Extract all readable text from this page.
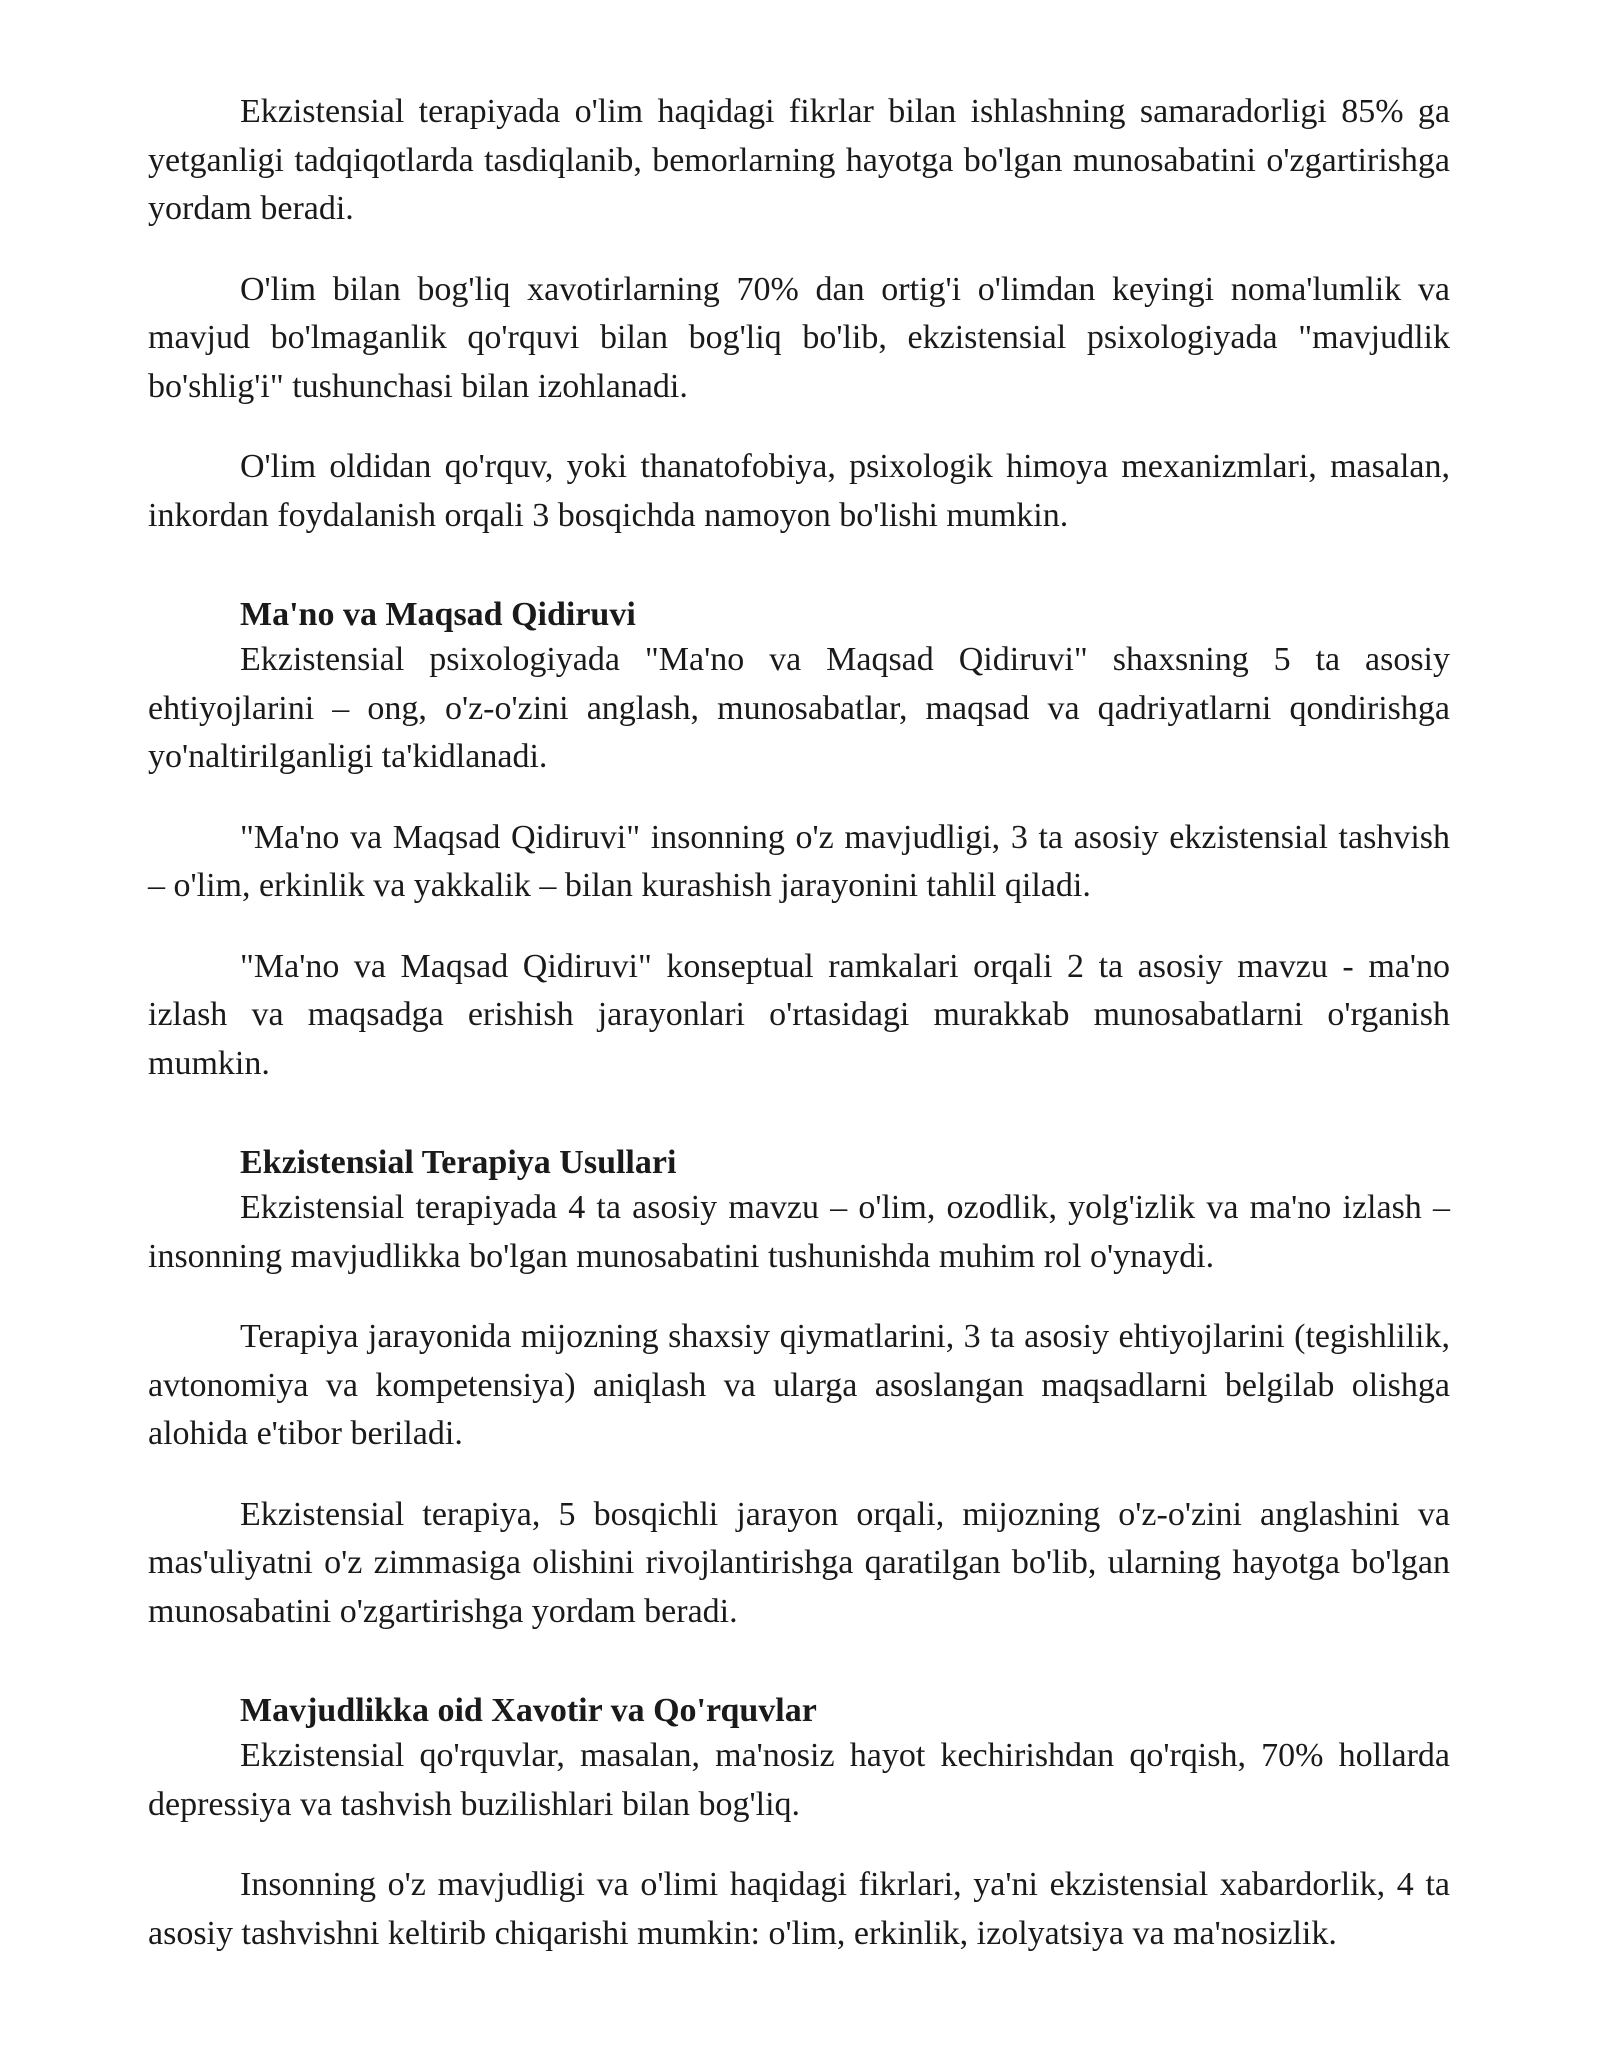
Ekzistensial terapiyada o'lim haqidagi fikrlar bilan ishlashning samaradorligi 85% ga yetganligi tadqiqotlarda tasdiqlanib, bemorlarning hayotga bo'lgan munosabatini o'zgartirishga yordam beradi.

O'lim bilan bog'liq xavotirlarning 70% dan ortig'i o'limdan keyingi noma'lumlik va mavjud bo'lmaganlik qo'rquvi bilan bog'liq bo'lib, ekzistensial psixologiyada "mavjudlik bo'shlig'i" tushunchasi bilan izohlanadi.

O'lim oldidan qo'rquv, yoki thanatofobiya, psixologik himoya mexanizmlari, masalan, inkordan foydalanish orqali 3 bosqichda namoyon bo'lishi mumkin.

Ma'no va Maqsad Qidiruvi

Ekzistensial psixologiyada "Ma'no va Maqsad Qidiruvi" shaxsning 5 ta asosiy ehtiyojlarini – ong, o'z-o'zini anglash, munosabatlar, maqsad va qadriyatlarni qondirishga yo'naltirilganligi ta'kidlanadi.

"Ma'no va Maqsad Qidiruvi" insonning o'z mavjudligi, 3 ta asosiy ekzistensial tashvish – o'lim, erkinlik va yakkalik – bilan kurashish jarayonini tahlil qiladi.

"Ma'no va Maqsad Qidiruvi" konseptual ramkalari orqali 2 ta asosiy mavzu - ma'no izlash va maqsadga erishish jarayonlari o'rtasidagi murakkab munosabatlarni o'rganish mumkin.

Ekzistensial Terapiya Usullari

Ekzistensial terapiyada 4 ta asosiy mavzu – o'lim, ozodlik, yolg'izlik va ma'no izlash – insonning mavjudlikka bo'lgan munosabatini tushunishda muhim rol o'ynaydi.

Terapiya jarayonida mijozning shaxsiy qiymatlarini, 3 ta asosiy ehtiyojlarini (tegishlilik, avtonomiya va kompetensiya) aniqlash va ularga asoslangan maqsadlarni belgilab olishga alohida e'tibor beriladi.

Ekzistensial terapiya, 5 bosqichli jarayon orqali, mijozning o'z-o'zini anglashini va mas'uliyatni o'z zimmasiga olishini rivojlantirishga qaratilgan bo'lib, ularning hayotga bo'lgan munosabatini o'zgartirishga yordam beradi.

Mavjudlikka oid Xavotir va Qo'rquvlar

Ekzistensial qo'rquvlar, masalan, ma'nosiz hayot kechirishdan qo'rqish, 70% hollarda depressiya va tashvish buzilishlari bilan bog'liq.

Insonning o'z mavjudligi va o'limi haqidagi fikrlari, ya'ni ekzistensial xabardorlik, 4 ta asosiy tashvishni keltirib chiqarishi mumkin: o'lim, erkinlik, izolyatsiya va ma'nosizlik.
